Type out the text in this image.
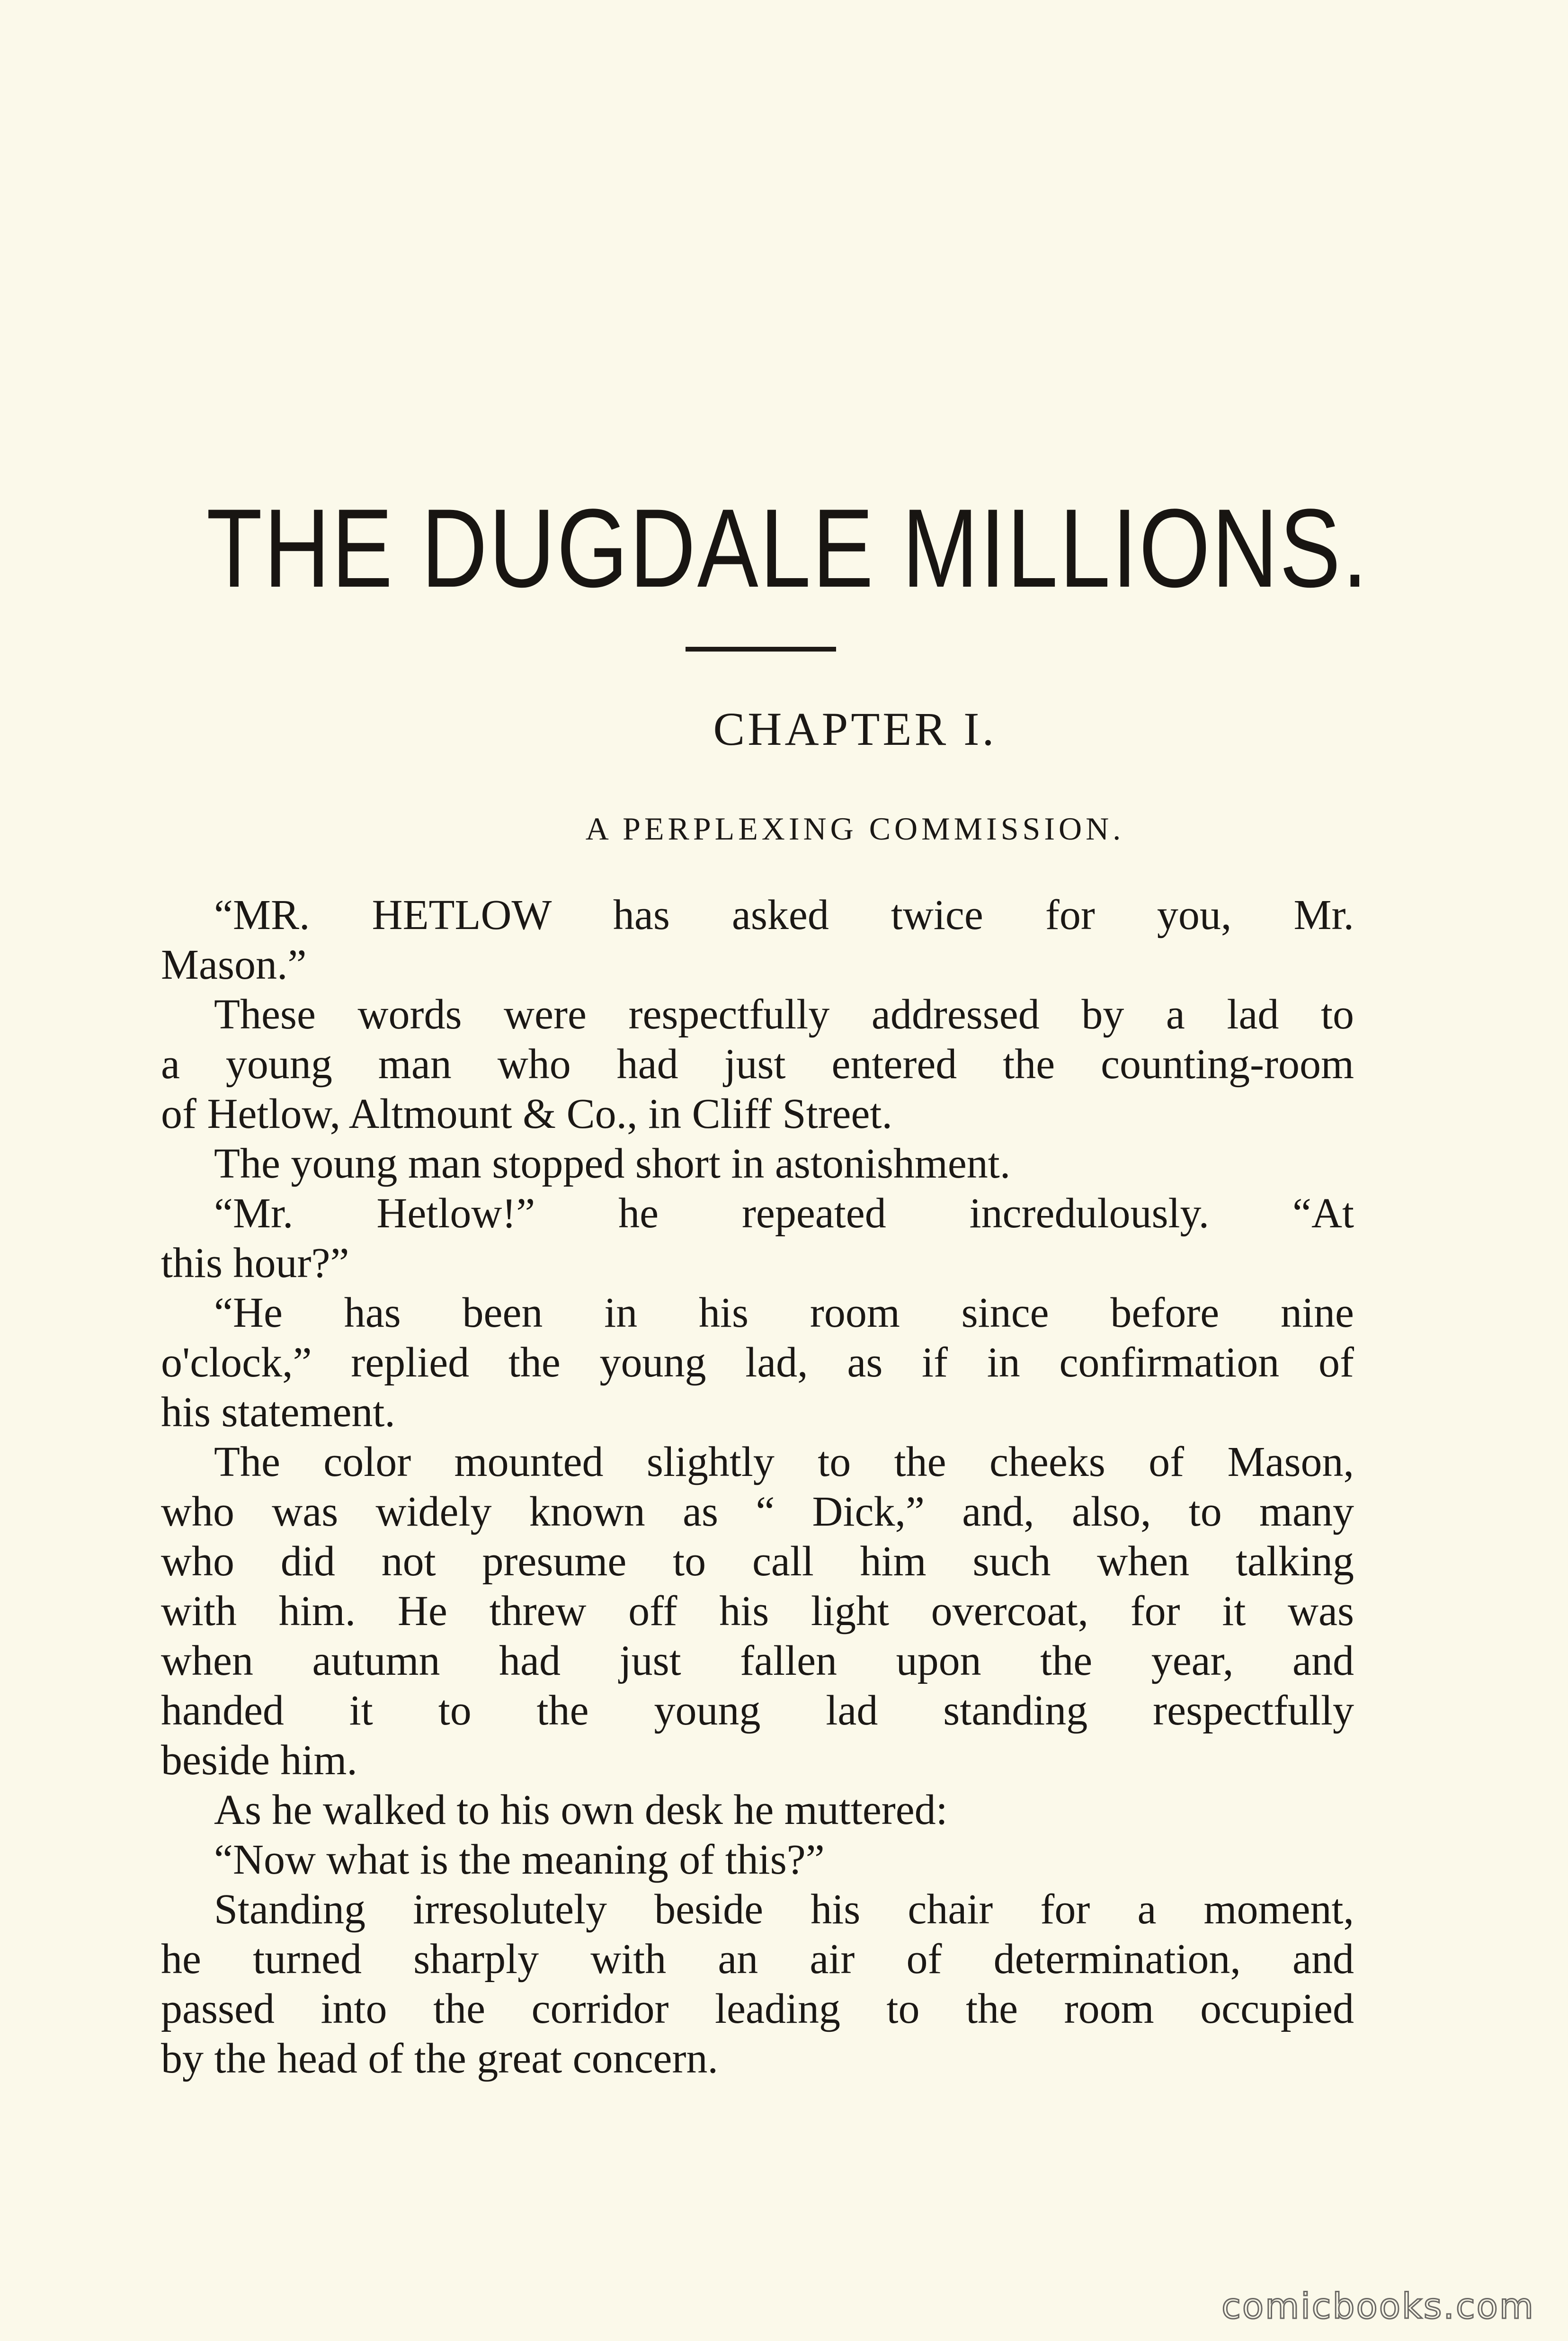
THE DUGDALE MILLIONS.
CHAPTER I.
A PERPLEXING COMMISSION.
“MR. HETLOW has asked twice for you, Mr.
Mason.”
These words were respectfully addressed by a lad to
a young man who had just entered the counting-room
of Hetlow, Altmount & Co., in Cliff Street.
The young man stopped short in astonishment.
“Mr. Hetlow!” he repeated incredulously. “At
this hour?”
“He has been in his room since before nine
o'clock,” replied the young lad, as if in confirmation of
his statement.
The color mounted slightly to the cheeks of Mason,
who was widely known as “ Dick,” and, also, to many
who did not presume to call him such when talking
with him. He threw off his light overcoat, for it was
when autumn had just fallen upon the year, and
handed it to the young lad standing respectfully
beside him.
As he walked to his own desk he muttered:
“Now what is the meaning of this?”
Standing irresolutely beside his chair for a moment,
he turned sharply with an air of determination, and
passed into the corridor leading to the room occupied
by the head of the great concern.
comicbooks.com
